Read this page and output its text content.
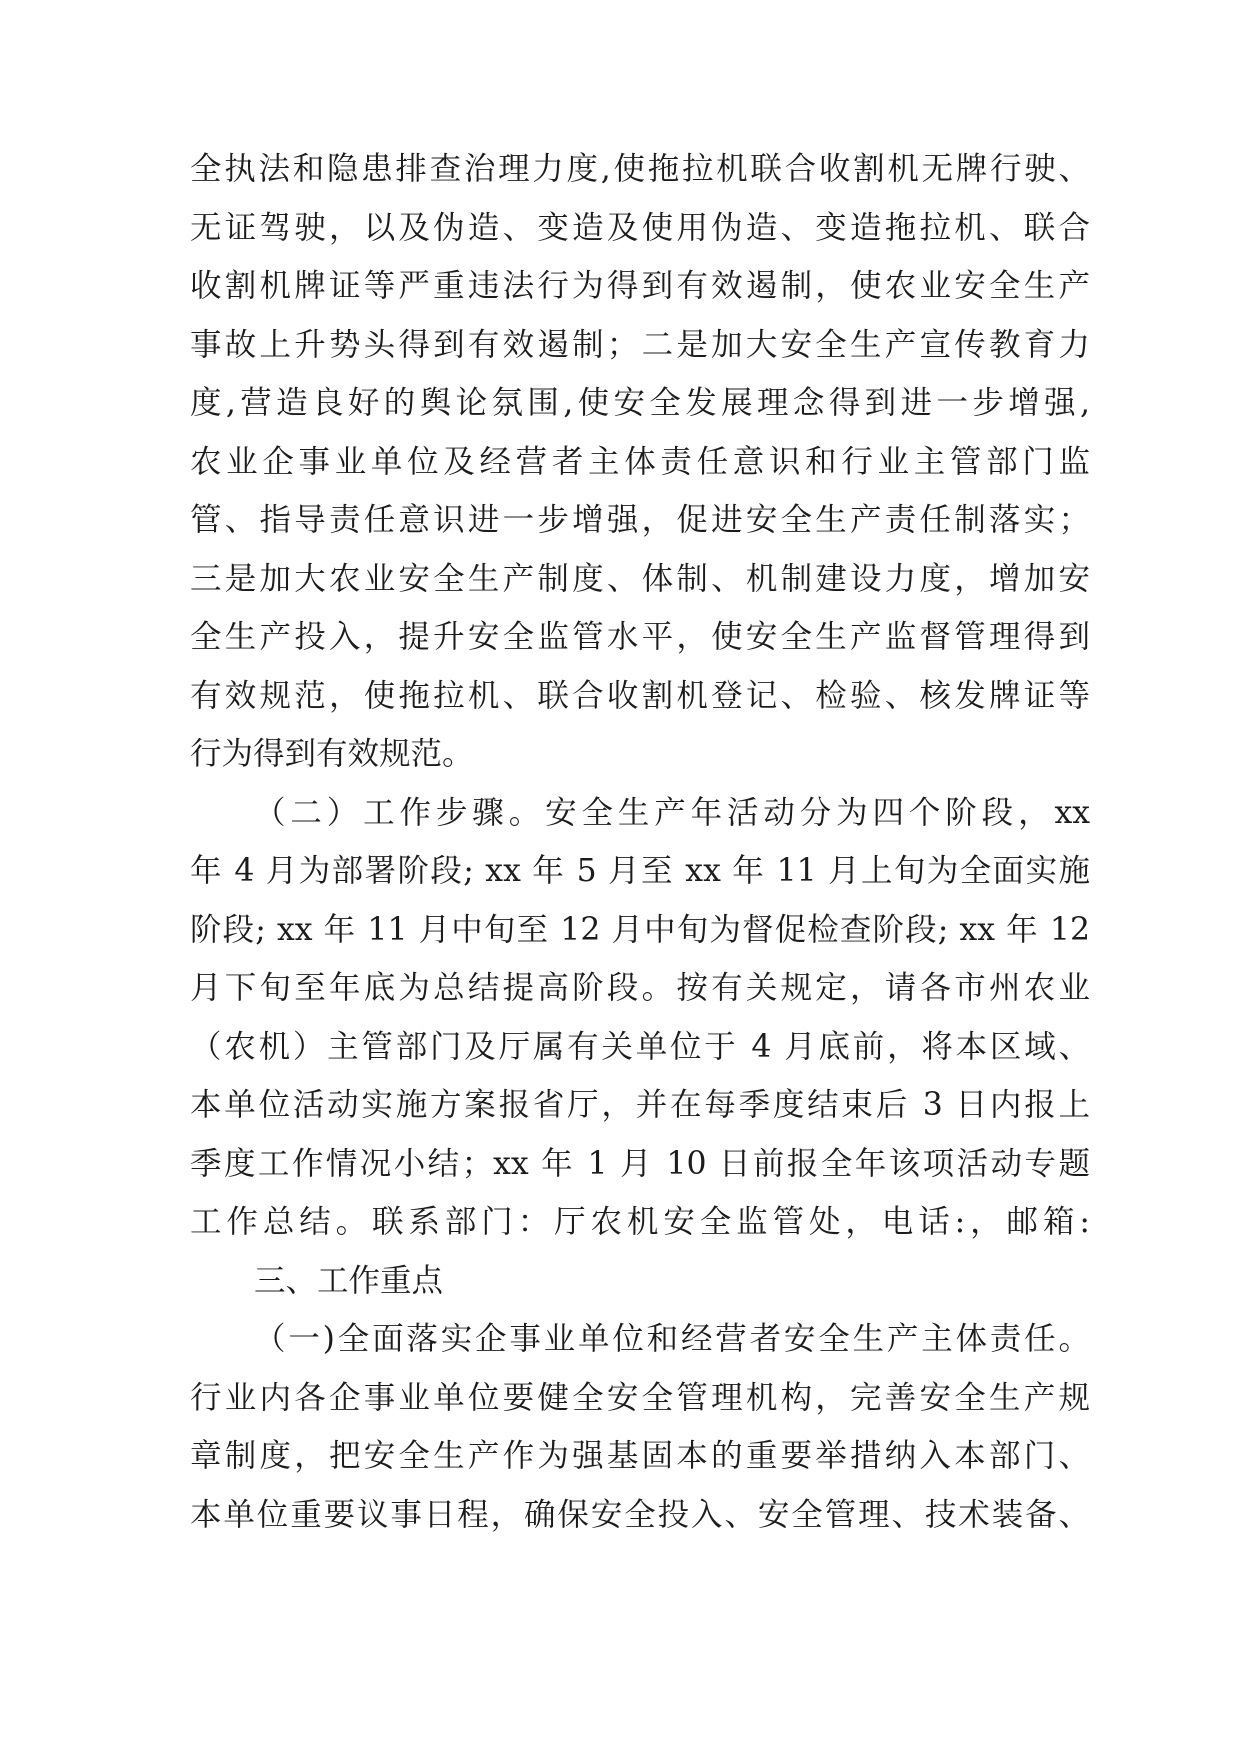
全执法和隐患排查治理力度,使拖拉机联合收割机无牌行驶、
无证驾驶，以及伪造、变造及使用伪造、变造拖拉机、联合
收割机牌证等严重违法行为得到有效遏制，使农业安全生产
事故上升势头得到有效遏制；二是加大安全生产宣传教育力
度,营造良好的舆论氛围,使安全发展理念得到进一步增强,
农业企事业单位及经营者主体责任意识和行业主管部门监
管、指导责任意识进一步增强，促进安全生产责任制落实；
三是加大农业安全生产制度、体制、机制建设力度，增加安
全生产投入，提升安全监管水平，使安全生产监督管理得到
有效规范，使拖拉机、联合收割机登记、检验、核发牌证等
行为得到有效规范。
（二）工作步骤。安全生产年活动分为四个阶段，xx
年 4 月为部署阶段; xx 年 5 月至 xx 年 11 月上旬为全面实施
阶段; xx 年 11 月中旬至 12 月中旬为督促检查阶段; xx 年 12
月下旬至年底为总结提高阶段。按有关规定，请各市州农业
（农机）主管部门及厅属有关单位于 4 月底前，将本区域、
本单位活动实施方案报省厅，并在每季度结束后 3 日内报上
季度工作情况小结；xx 年 1 月 10 日前报全年该项活动专题
工作总结。联系部门：厅农机安全监管处，电话:，邮箱:
三、工作重点
（一)全面落实企事业单位和经营者安全生产主体责任。
行业内各企事业单位要健全安全管理机构，完善安全生产规
章制度，把安全生产作为强基固本的重要举措纳入本部门、
本单位重要议事日程，确保安全投入、安全管理、技术装备、
